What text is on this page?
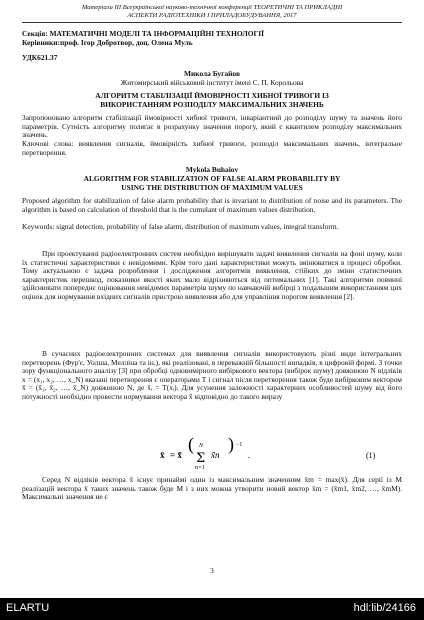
Матеріали ІІІ Всеукраїнської науково-технічної конференції ТЕОРЕТИЧНІ ТА ПРИКЛАДНІ
АСПЕКТИ РАДІОТЕХНІКИ І ПРИЛАДОБУДУВАННЯ, 2017
Секція: МАТЕМАТИЧНІ МОДЕЛІ ТА ІНФОРМАЦІЙНІ ТЕХНОЛОГІЇ
Керівники:проф. Ігор Добротвор, доц. Олена Муль
УДК621.37
Микола Бугайов
Житомирський військовий інститут імені С. П. Корольова
АЛГОРИТМ СТАБІЛІЗАЦІЇ ЙМОВІРНОСТІ ХИБНОЇ ТРИВОГИ ІЗ
ВИКОРИСТАННЯМ РОЗПОДІЛУ МАКСИМАЛЬНИХ ЗНАЧЕНЬ
Запропоновано алгоритм стабілізації ймовірності хибної тривоги, інваріантний до розподілу шуму та значень його параметрів. Сутність алгоритму полягає в розрахунку значення порогу, який є квантилем розподілу максимальних значень.
Ключові слова: виявлення сигналів, ймовірність хибної тривоги, розподіл максимальних значень, інтегральне перетворення.
Mykola Buhaiov
ALGORITHM FOR STABILIZATION OF FALSE ALARM PROBABILITY BY
USING THE DISTRIBUTION OF MAXIMUM VALUES
Proposed algorithm for stabilization of false alarm probability that is invariant to distribution of noise and its parameters. The algorithm is based on calculation of threshold that is the cumulant of maximum values distribution.
Keywords: signal detection, probability of false alarm, distribution of maximum values, integral transform.
При проектуванні радіоелектронних систем необхідно вирішувати задачі виявлення сигналів на фоні шуму, коли їх статистичні характеристики є невідомими. Крім того дані характеристики можуть змінюватися в процесі обробки. Тому актуальною є задача розроблення і дослідження алгоритмів виявлення, стійких до зміни статистичних характеристик перешкод, показники якості яких мало відрізняються від оптимальних [1]. Такі алгоритми повинні здійснювати попереднє оцінювання невідомих параметрів шуму по навчаючій вибірці з подальшим використанням цих оцінок для нормування вхідних сигналів пристрою виявлення або для управління порогом виявлення [2].
В сучасних радіоелектронних системах для виявлення сигналів використовують різні види інтегральних перетворень (Фур'є, Уолша, Мелліна та ін.), які реалізовані, в переважній більшості випадків, в цифровій формі. З точки зору функціонального аналізу [3] при обробці одновимірного вибіркового вектора (вибірок шуму) довжиною N відліків x = (x₁, x₂, …, x_N) вказані перетворення є операторами T і сигнал після перетворення також буде вибірковим вектором x̃ = (x̃₁, x̃₂, …, x̃_N) довжиною N, де x̃ᵢ = T(xᵢ). Для усунення залежності характерних особливостей шуму від його потужності необхідно провести нормування вектора x̃ відповідно до такого виразу
x̄ = x̃
( N
Σ
n=1
x̃n
) −1
.	(1)
Серед N відліків вектора x̄ існує принаймі один із максимальним значенням x̄m = max(x̄). Для серії із M реалізацій вектора x̄ таких значень також буде M і з них можна утворити новий вектор x̄m = (x̄m1, x̄m2, …, x̄mM). Максимальні значення не є
3
ELARTU	hdl:lib/24166
